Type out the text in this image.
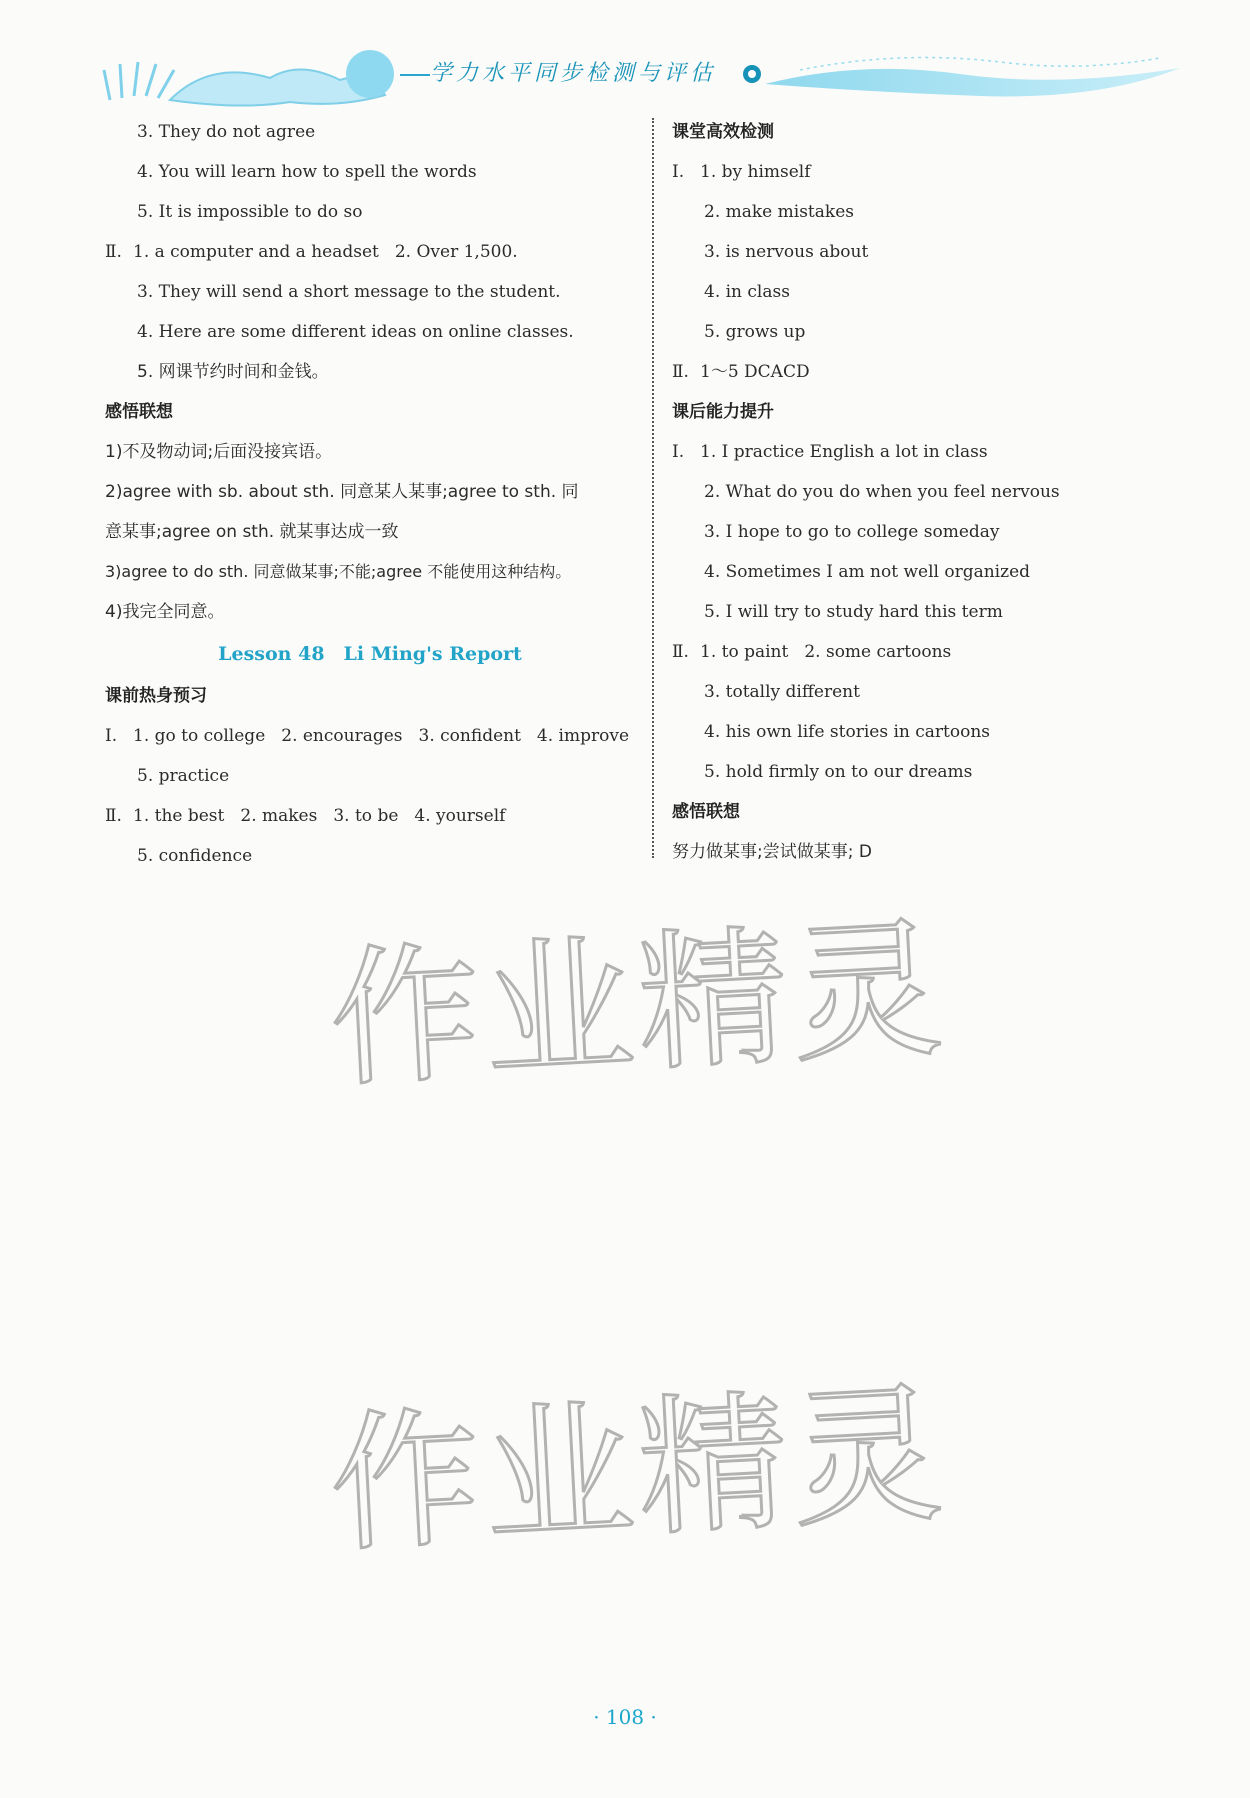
学力水平同步检测与评估
3. They do not agree
4. You will learn how to spell the words
5. It is impossible to do so
Ⅱ. 1. a computer and a headset 2. Over 1,500.
3. They will send a short message to the student.
4. Here are some different ideas on online classes.
5. 网课节约时间和金钱。
感悟联想
1)不及物动词;后面没接宾语。
2)agree with sb. about sth. 同意某人某事;agree to sth. 同
意某事;agree on sth. 就某事达成一致
3)agree to do sth. 同意做某事;不能;agree 不能使用这种结构。
4)我完全同意。
Lesson 48　Li Ming's Report
课前热身预习
Ⅰ. 1. go to college 2. encourages 3. confident 4. improve
5. practice
Ⅱ. 1. the best 2. makes 3. to be 4. yourself
5. confidence
课堂高效检测
Ⅰ. 1. by himself
2. make mistakes
3. is nervous about
4. in class
5. grows up
Ⅱ. 1～5 DCACD
课后能力提升
Ⅰ. 1. I practice English a lot in class
2. What do you do when you feel nervous
3. I hope to go to college someday
4. Sometimes I am not well organized
5. I will try to study hard this term
Ⅱ. 1. to paint 2. some cartoons
3. totally different
4. his own life stories in cartoons
5. hold firmly on to our dreams
感悟联想
努力做某事;尝试做某事; D
作业精灵
作业精灵
· 108 ·
